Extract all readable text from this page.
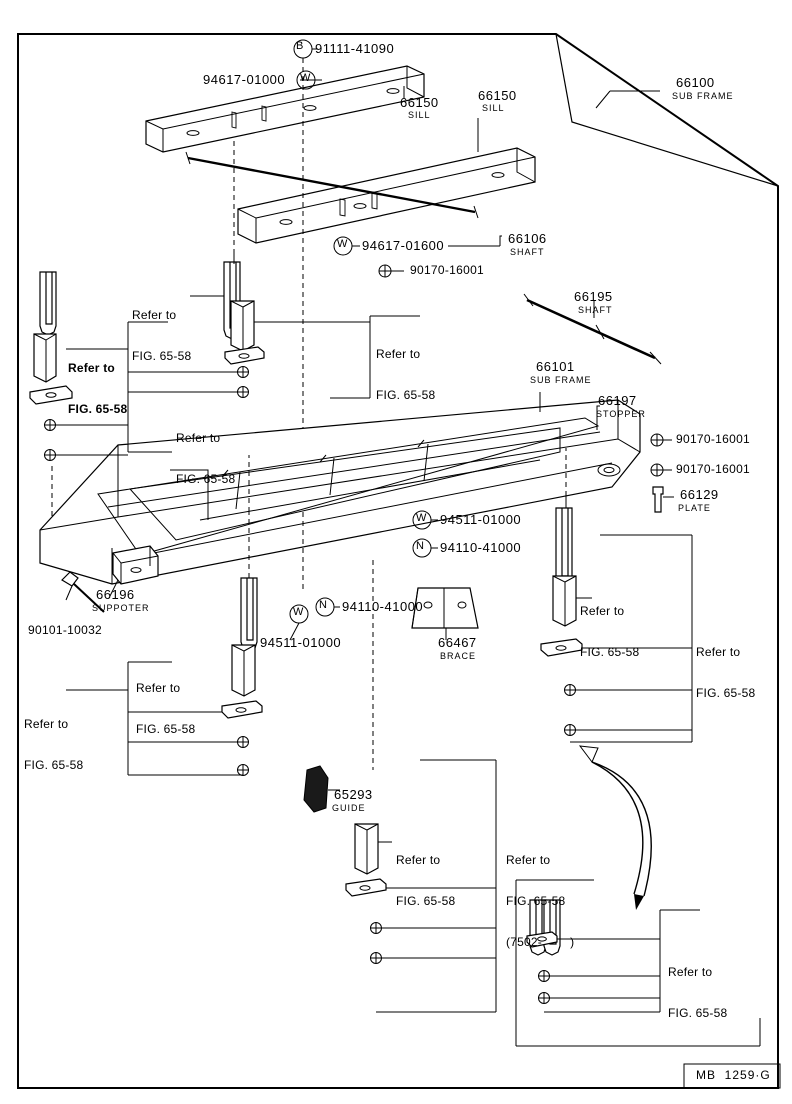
91111-41090
B
94617-01000 W
66150
SILL
66150
SILL
66100
SUB FRAME
94617-01600
W	66106
SHAFT
90170-16001
66195
SHAFT
66101
SUB FRAME
66197
STOPPER
90170-16001
90170-16001
66129
PLATE
94511-01000
W
94110-41000
N
94110-41000
N
W
94511-01000
66196
SUPPOTER
90101-10032
66467
BRACE
65293
GUIDE

Refer to

FIG. 65-58

Refer to

FIG. 65-58

Refer to

FIG. 65-58

Refer to

FIG. 65-58

Refer to

FIG. 65-58

	Refer to

FIG. 65-58

Refer to

FIG. 65-58

Refer to

FIG. 65-58

Refer to

FIG. 65-58

Refer to

FIG. 65-58

(7502-        )

Refer to

FIG. 65-58

MB  1259·G
